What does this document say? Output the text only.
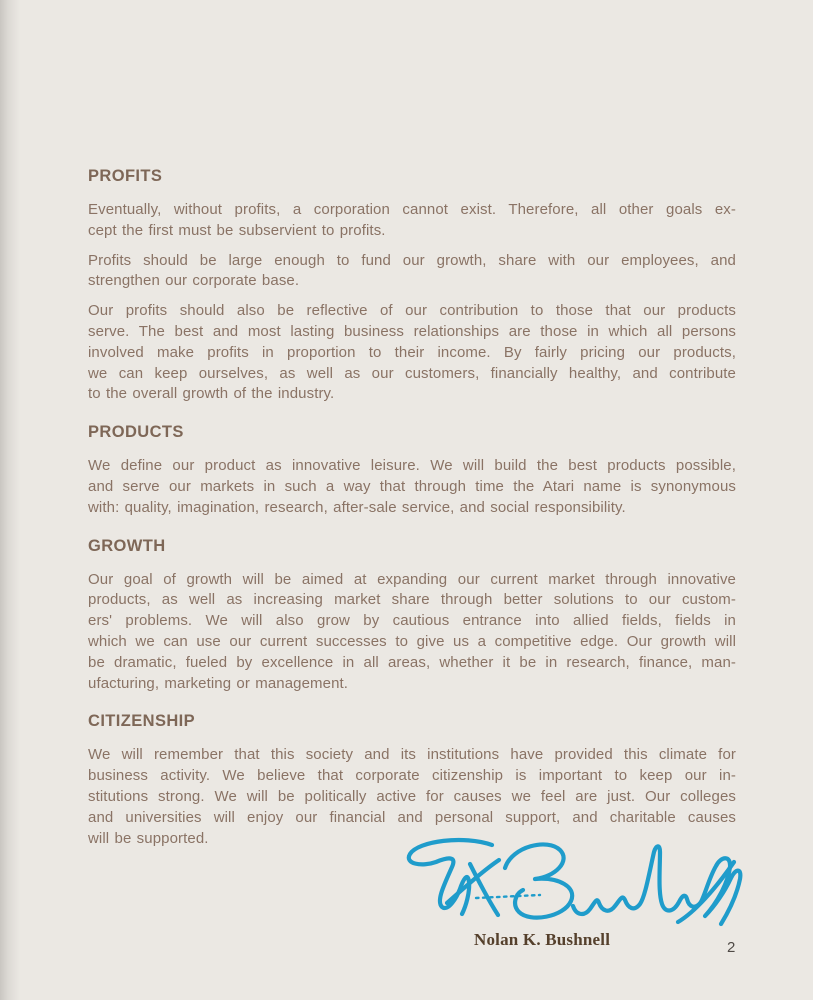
PROFITS
Eventually, without profits, a corporation cannot exist. Therefore, all other goals ex-
cept the first must be subservient to profits.
Profits should be large enough to fund our growth, share with our employees, and
strengthen our corporate base.
Our profits should also be reflective of our contribution to those that our products
serve. The best and most lasting business relationships are those in which all persons
involved make profits in proportion to their income. By fairly pricing our products,
we can keep ourselves, as well as our customers, financially healthy, and contribute
to the overall growth of the industry.
PRODUCTS
We define our product as innovative leisure. We will build the best products possible,
and serve our markets in such a way that through time the Atari name is synonymous
with: quality, imagination, research, after-sale service, and social responsibility.
GROWTH
Our goal of growth will be aimed at expanding our current market through innovative
products, as well as increasing market share through better solutions to our custom-
ers' problems. We will also grow by cautious entrance into allied fields, fields in
which we can use our current successes to give us a competitive edge. Our growth will
be dramatic, fueled by excellence in all areas, whether it be in research, finance, man-
ufacturing, marketing or management.
CITIZENSHIP
We will remember that this society and its institutions have provided this climate for
business activity. We believe that corporate citizenship is important to keep our in-
stitutions strong. We will be politically active for causes we feel are just. Our colleges
and universities will enjoy our financial and personal support, and charitable causes
will be supported.
Nolan K. Bushnell	2
